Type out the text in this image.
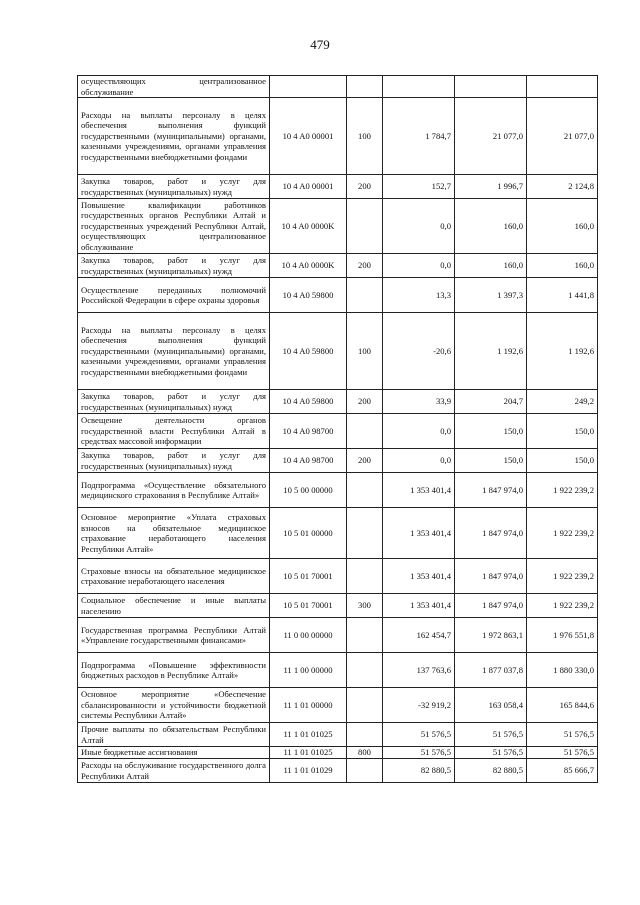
479
осуществляющих централизованное обслуживание					
Расходы на выплаты персоналу в целях обеспечения выполнения функций государственными (муниципальными) органами, казенными учреждениями, органами управления государственными внебюджетными фондами	10 4 A0 00001	100	1 784,7	21 077,0	21 077,0
Закупка товаров, работ и услуг для государственных (муниципальных) нужд	10 4 A0 00001	200	152,7	1 996,7	2 124,8
Повышение квалификации работников государственных органов Республики Алтай и государственных учреждений Республики Алтай, осуществляющих централизованное обслуживание	10 4 A0 0000K		0,0	160,0	160,0
Закупка товаров, работ и услуг для государственных (муниципальных) нужд	10 4 A0 0000K	200	0,0	160,0	160,0
Осуществление переданных полномочий Российской Федерации в сфере охраны здоровья	10 4 A0 59800		13,3	1 397,3	1 441,8
Расходы на выплаты персоналу в целях обеспечения выполнения функций государственными (муниципальными) органами, казенными учреждениями, органами управления государственными внебюджетными фондами	10 4 A0 59800	100	-20,6	1 192,6	1 192,6
Закупка товаров, работ и услуг для государственных (муниципальных) нужд	10 4 A0 59800	200	33,9	204,7	249,2
Освещение деятельности органов государственной власти Республики Алтай в средствах массовой информации	10 4 A0 98700		0,0	150,0	150,0
Закупка товаров, работ и услуг для государственных (муниципальных) нужд	10 4 A0 98700	200	0,0	150,0	150,0
Подпрограмма «Осуществление обязательного медицинского страхования в Республике Алтай»	10 5 00 00000		1 353 401,4	1 847 974,0	1 922 239,2
Основное мероприятие «Уплата страховых взносов на обязательное медицинское страхование неработающего населения Республики Алтай»	10 5 01 00000		1 353 401,4	1 847 974,0	1 922 239,2
Страховые взносы на обязательное медицинское страхование неработающего населения	10 5 01 70001		1 353 401,4	1 847 974,0	1 922 239,2
Социальное обеспечение и иные выплаты населению	10 5 01 70001	300	1 353 401,4	1 847 974,0	1 922 239,2
Государственная программа Республики Алтай «Управление государственными финансами»	11 0 00 00000		162 454,7	1 972 863,1	1 976 551,8
Подпрограмма «Повышение эффективности бюджетных расходов в Республике Алтай»	11 1 00 00000		137 763,6	1 877 037,8	1 880 330,0
Основное мероприятие «Обеспечение сбалансированности и устойчивости бюджетной системы Республики Алтай»	11 1 01 00000		-32 919,2	163 058,4	165 844,6
Прочие выплаты по обязательствам Республики Алтай	11 1 01 01025		51 576,5	51 576,5	51 576,5
Иные бюджетные ассигнования	11 1 01 01025	800	51 576,5	51 576,5	51 576,5
Расходы на обслуживание государственного долга Республики Алтай	11 1 01 01029		82 880,5	82 880,5	85 666,7
